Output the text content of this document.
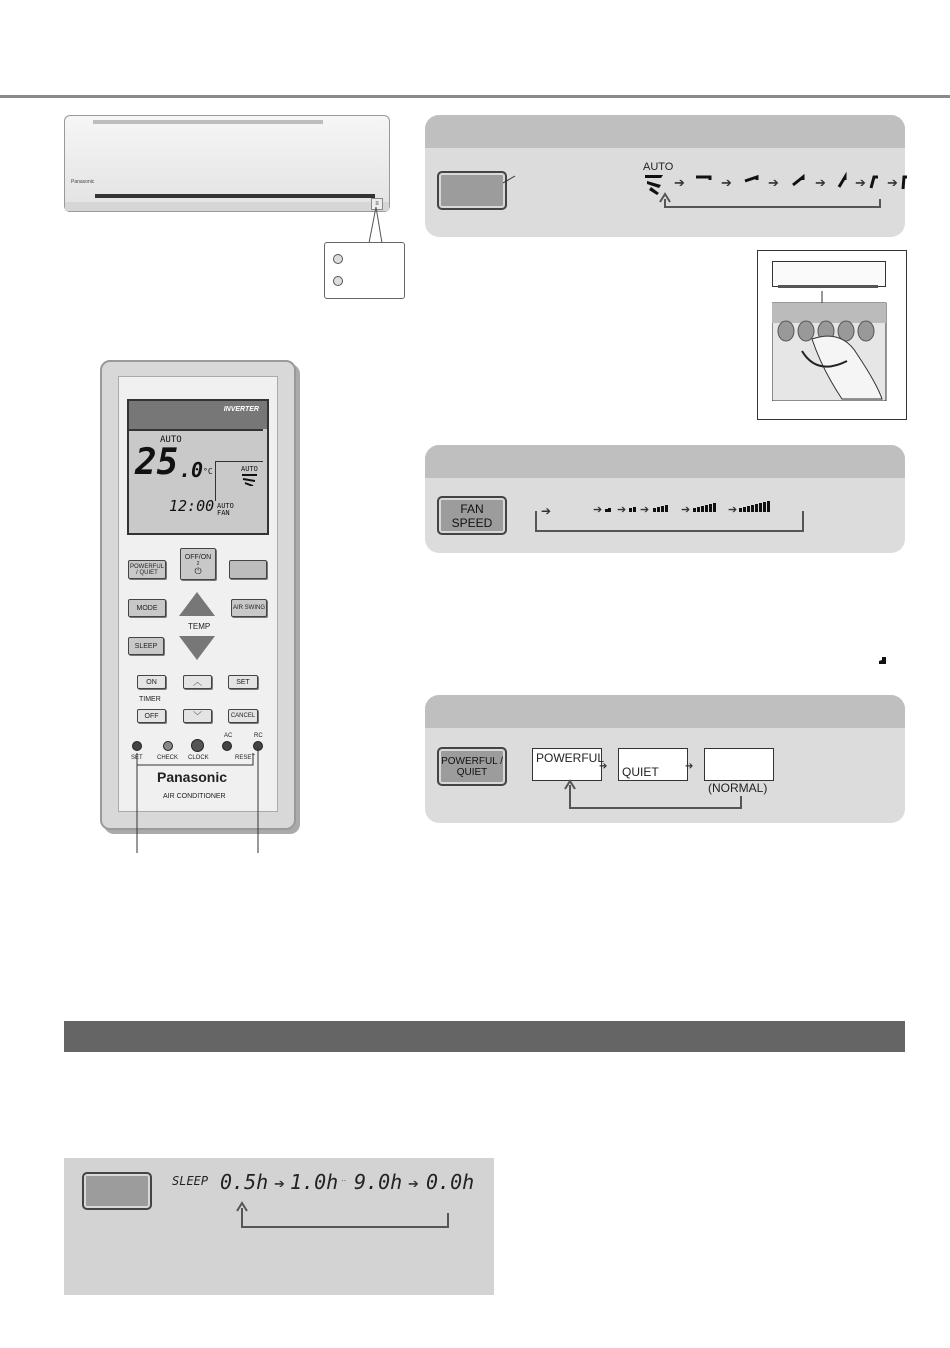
Panasonic
≡
AUTO
➔	➔	➔	➔ ➔ ➔
FAN SPEED
➔	➔ ➔ ➔	➔	➔
POWERFUL / QUIET
POWERFUL
QUIET
(NORMAL)
➔	➔
INVERTER
AUTO
25 .0 °C	AUTO
12:00 AUTO FAN
POWERFUL / QUIET
OFF/ON
2
⏻
MODE	AIR SWING
TEMP
SLEEP
ON	︿	SET
TIMER
OFF	﹀	CANCEL
AC	RC
SET CHECK CLOCK	RESET
Panasonic
AIR CONDITIONER
SLEEP 0.5h ➔ 1.0h ·· 9.0h ➔ 0.0h
